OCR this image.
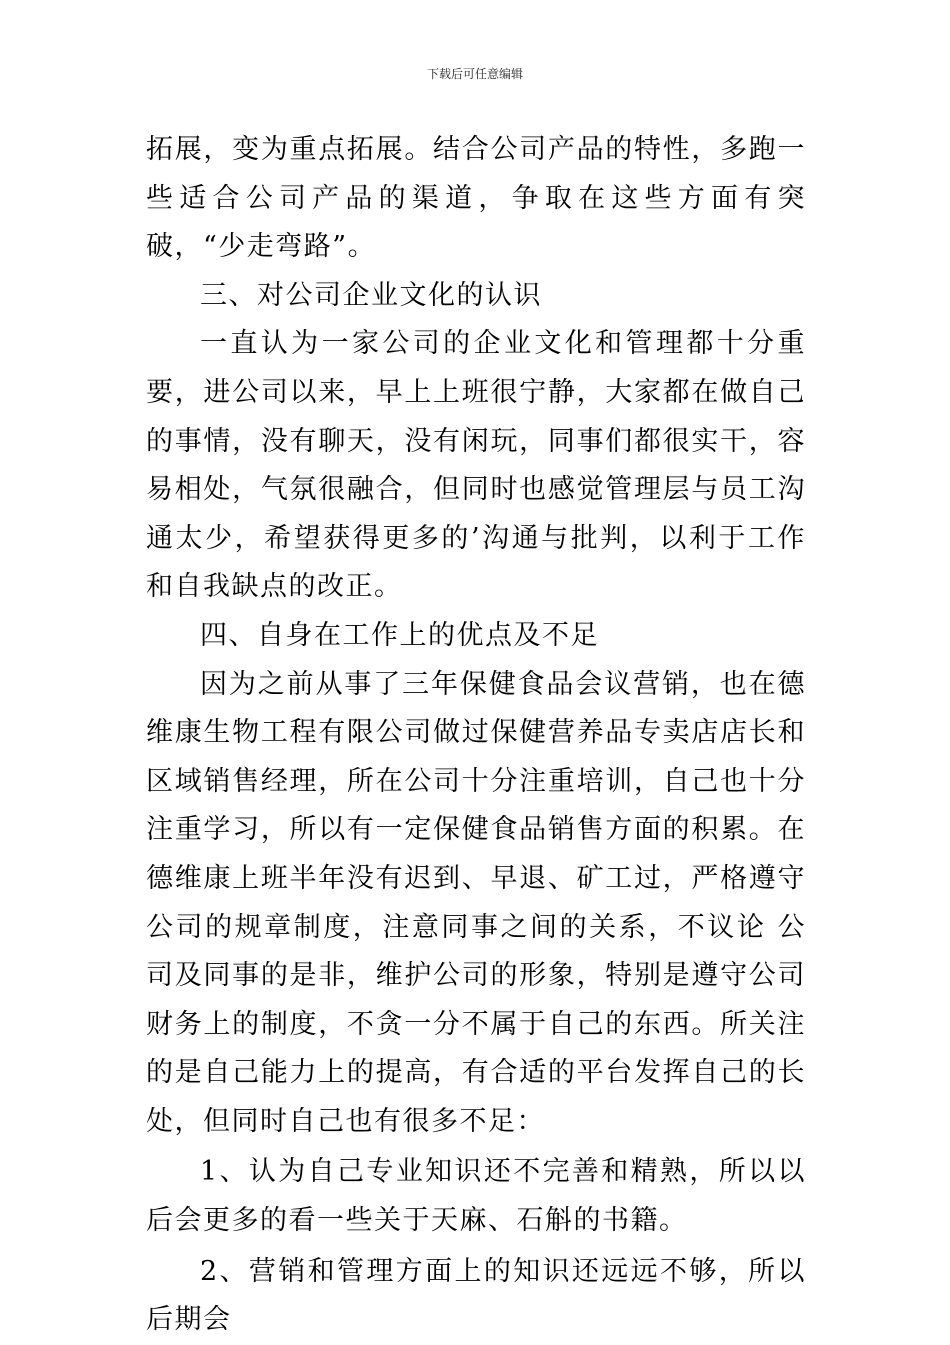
下载后可任意编辑

拓展，变为重点拓展。结合公司产品的特性，多跑一些适合公司产品的渠道，争取在这些方面有突破，“少走弯路”。

三、对公司企业文化的认识

一直认为一家公司的企业文化和管理都十分重要，进公司以来，早上上班很宁静，大家都在做自己的事情，没有聊天，没有闲玩，同事们都很实干，容易相处，气氛很融合，但同时也感觉管理层与员工沟通太少，希望获得更多的’沟通与批判，以利于工作和自我缺点的改正。

四、自身在工作上的优点及不足

因为之前从事了三年保健食品会议营销，也在德维康生物工程有限公司做过保健营养品专卖店店长和区域销售经理，所在公司十分注重培训，自己也十分注重学习，所以有一定保健食品销售方面的积累。在德维康上班半年没有迟到、早退、矿工过，严格遵守公司的规章制度，注意同事之间的关系，不议论 公司及同事的是非，维护公司的形象，特别是遵守公司财务上的制度，不贪一分不属于自己的东西。所关注的是自己能力上的提高，有合适的平台发挥自己的长处，但同时自己也有很多不足：

1、认为自己专业知识还不完善和精熟，所以以后会更多的看一些关于天麻、石斛的书籍。

2、营销和管理方面上的知识还远远不够，所以后期会
